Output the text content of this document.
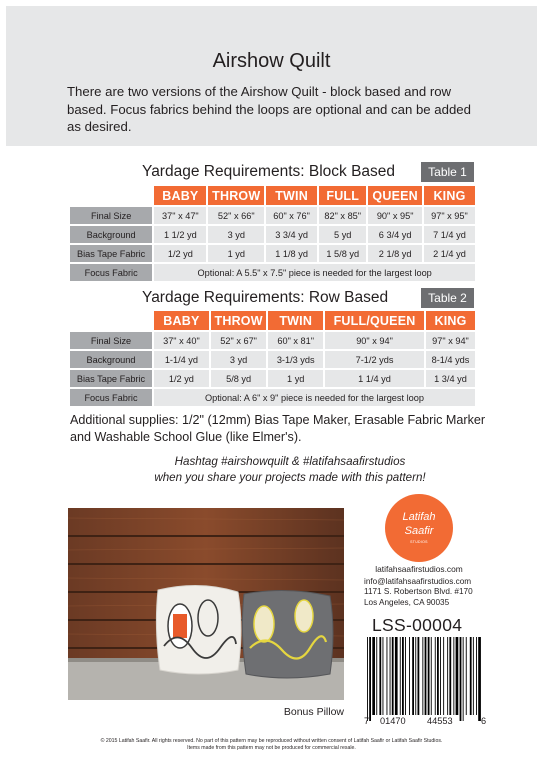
Airshow Quilt
There are two versions of the Airshow Quilt - block based and row based. Focus fabrics behind the loops are optional and can be added as desired.
Yardage Requirements: Block Based	Table 1
	BABY	THROW	TWIN	FULL	QUEEN	KING
Final Size	37" x 47"	52" x 66"	60" x 76"	82" x 85"	90" x 95"	97" x 95"
Background	1 1/2 yd	3 yd	3 3/4 yd	5 yd	6 3/4 yd	7 1/4 yd
Bias Tape Fabric	1/2 yd	1 yd	1 1/8 yd	1 5/8 yd	2 1/8 yd	2 1/4 yd
Focus Fabric	Optional: A 5.5" x 7.5" piece is needed for the largest loop					
Yardage Requirements: Row Based	Table 2
	BABY	THROW	TWIN	FULL/QUEEN	KING
Final Size	37" x 40"	52" x 67"	60" x 81"	90" x 94"	97" x 94"
Background	1-1/4 yd	3 yd	3-1/3 yds	7-1/2 yds	8-1/4 yds
Bias Tape Fabric	1/2 yd	5/8 yd	1 yd	1 1/4 yd	1 3/4 yd
Focus Fabric	Optional: A 6" x 9" piece is needed for the largest loop				
Additional supplies: 1/2" (12mm) Bias Tape Maker, Erasable Fabric Marker and Washable School Glue (like Elmer's).
Hashtag #airshowquilt & #latifahsaafirstudios
when you share your projects made with this pattern!
Bonus Pillow
Latifah
Saafir
STUDIOS
latifahsaafirstudios.com
info@latifahsaafirstudios.com
1171 S. Robertson Blvd. #170
Los Angeles, CA 90035
LSS-00004
7 01470 44553	6
© 2015 Latifah Saafir. All rights reserved. No part of this pattern may be reproduced without written consent of Latifah Saafir or Latifah Saafir Studios.
Items made from this pattern may not be produced for commercial resale.
